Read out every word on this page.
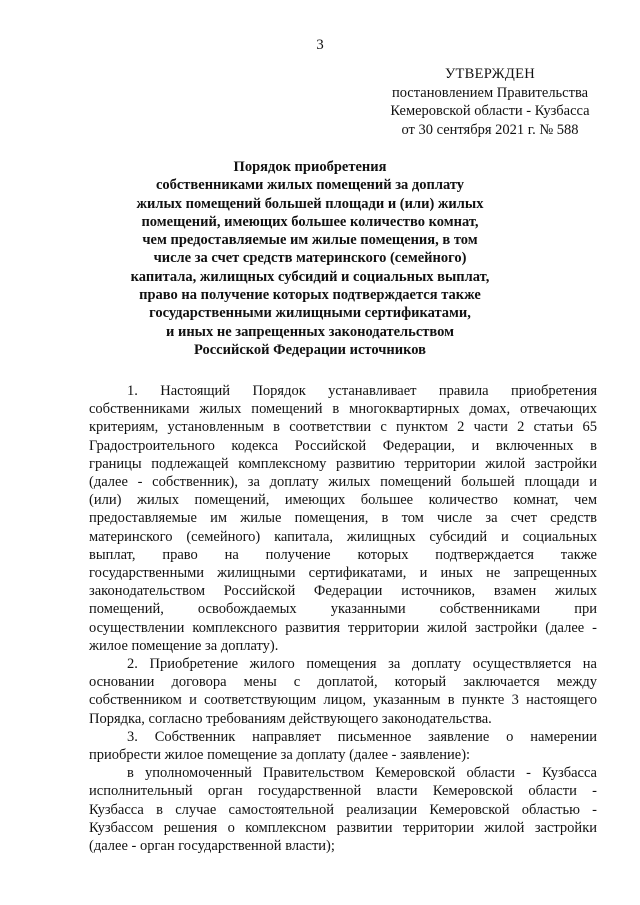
3
УТВЕРЖДЕН
постановлением Правительства
Кемеровской области - Кузбасса
от 30 сентября 2021 г. № 588
Порядок приобретения
собственниками жилых помещений за доплату
жилых помещений большей площади и (или) жилых
помещений, имеющих большее количество комнат,
чем предоставляемые им жилые помещения, в том
числе за счет средств материнского (семейного)
капитала, жилищных субсидий и социальных выплат,
право на получение которых подтверждается также
государственными жилищными сертификатами,
и иных не запрещенных законодательством
Российской Федерации источников
1. Настоящий Порядок устанавливает правила приобретения
собственниками жилых помещений в многоквартирных домах, отвечающих
критериям, установленным в соответствии с пунктом 2 части 2 статьи 65
Градостроительного кодекса Российской Федерации, и включенных в
границы подлежащей комплексному развитию территории жилой застройки
(далее - собственник), за доплату жилых помещений большей площади и
(или) жилых помещений, имеющих большее количество комнат, чем
предоставляемые им жилые помещения, в том числе за счет средств
материнского (семейного) капитала, жилищных субсидий и социальных
выплат, право на получение которых подтверждается также
государственными жилищными сертификатами, и иных не запрещенных
законодательством Российской Федерации источников, взамен жилых
помещений, освобождаемых указанными собственниками при
осуществлении комплексного развития территории жилой застройки (далее -
жилое помещение за доплату).
2. Приобретение жилого помещения за доплату осуществляется на
основании договора мены с доплатой, который заключается между
собственником и соответствующим лицом, указанным в пункте 3 настоящего
Порядка, согласно требованиям действующего законодательства.
3. Собственник направляет письменное заявление о намерении
приобрести жилое помещение за доплату (далее - заявление):
в уполномоченный Правительством Кемеровской области - Кузбасса
исполнительный орган государственной власти Кемеровской области -
Кузбасса в случае самостоятельной реализации Кемеровской областью -
Кузбассом решения о комплексном развитии территории жилой застройки
(далее - орган государственной власти);
